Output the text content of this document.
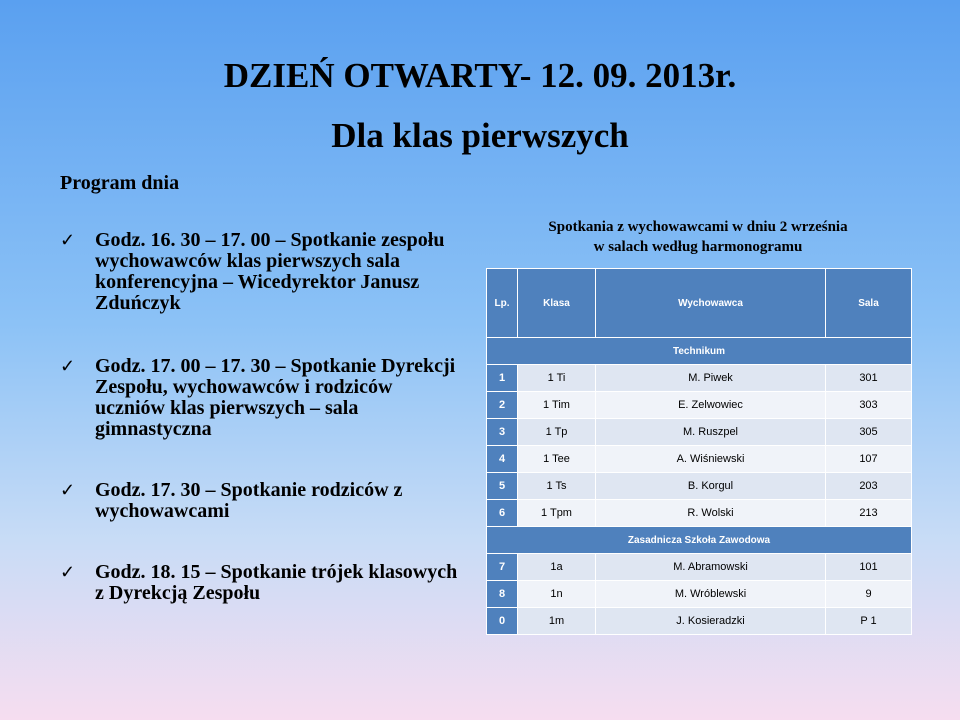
DZIEŃ OTWARTY- 12. 09. 2013r.
Dla klas pierwszych
Program dnia
✓ Godz. 16. 30 – 17. 00 – Spotkanie zespołu wychowawców klas pierwszych sala konferencyjna – Wicedyrektor Janusz Zduńczyk
✓ Godz. 17. 00 – 17. 30 – Spotkanie Dyrekcji Zespołu, wychowawców i rodziców uczniów klas pierwszych – sala gimnastyczna
✓ Godz. 17. 30 – Spotkanie rodziców z wychowawcami
✓ Godz. 18. 15 – Spotkanie trójek klasowych z Dyrekcją Zespołu
Spotkania z wychowawcami w dniu 2 września
w salach według harmonogramu
Lp.	Klasa	Wychowawca	Sala
Technikum			
1	1 Ti	M. Piwek	301
2	1 Tim	E. Zelwowiec	303
3	1 Tp	M. Ruszpel	305
4	1 Tee	A. Wiśniewski	107
5	1 Ts	B. Korgul	203
6	1 Tpm	R. Wolski	213
Zasadnicza Szkoła Zawodowa			
7	1a	M. Abramowski	101
8	1n	M. Wróblewski	9
0	1m	J. Kosieradzki	P 1
